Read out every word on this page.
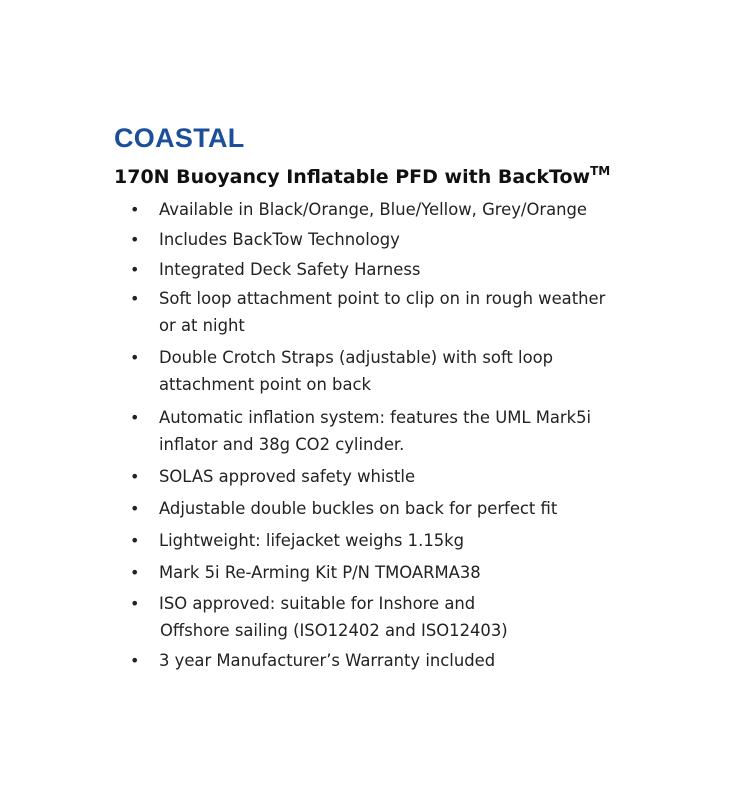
COASTAL
170N Buoyancy Inflatable PFD with BackTow™
• Available in Black/Orange, Blue/Yellow, Grey/Orange
• Includes BackTow Technology
• Integrated Deck Safety Harness
• Soft loop attachment point to clip on in rough weather
or at night
• Double Crotch Straps (adjustable) with soft loop
attachment point on back
• Automatic inflation system: features the UML Mark5i
inflator and 38g CO2 cylinder.
• SOLAS approved safety whistle
• Adjustable double buckles on back for perfect fit
• Lightweight: lifejacket weighs 1.15kg
• Mark 5i Re-Arming Kit P/N TMOARMA38
• ISO approved: suitable for Inshore and
Offshore sailing (ISO12402 and ISO12403)
• 3 year Manufacturer’s Warranty included
